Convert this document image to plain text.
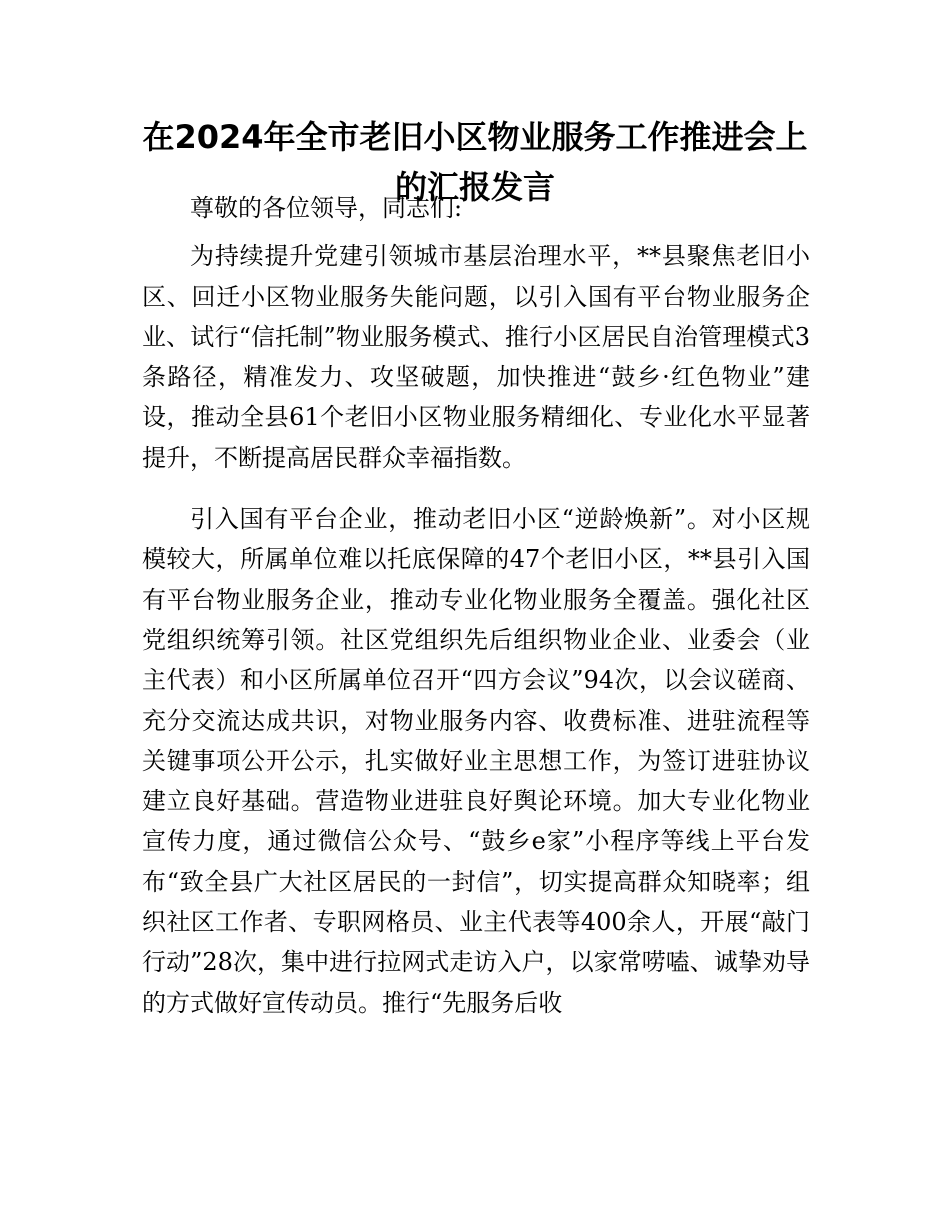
在2024年全市老旧小区物业服务工作推进会上的汇报发言

尊敬的各位领导，同志们:

为持续提升党建引领城市基层治理水平，**县聚焦老旧小区、回迁小区物业服务失能问题，以引入国有平台物业服务企业、试行“信托制”物业服务模式、推行小区居民自治管理模式3条路径，精准发力、攻坚破题，加快推进“鼓乡·红色物业”建设，推动全县61个老旧小区物业服务精细化、专业化水平显著提升，不断提高居民群众幸福指数。

引入国有平台企业，推动老旧小区“逆龄焕新”。对小区规模较大，所属单位难以托底保障的47个老旧小区，**县引入国有平台物业服务企业，推动专业化物业服务全覆盖。强化社区党组织统筹引领。社区党组织先后组织物业企业、业委会（业主代表）和小区所属单位召开“四方会议”94次，以会议磋商、充分交流达成共识，对物业服务内容、收费标准、进驻流程等关键事项公开公示，扎实做好业主思想工作，为签订进驻协议建立良好基础。营造物业进驻良好舆论环境。加大专业化物业宣传力度，通过微信公众号、“鼓乡e家”小程序等线上平台发布“致全县广大社区居民的一封信”，切实提高群众知晓率；组织社区工作者、专职网格员、业主代表等400余人，开展“敲门行动”28次，集中进行拉网式走访入户，以家常唠嗑、诚挚劝导的方式做好宣传动员。推行“先服务后收
